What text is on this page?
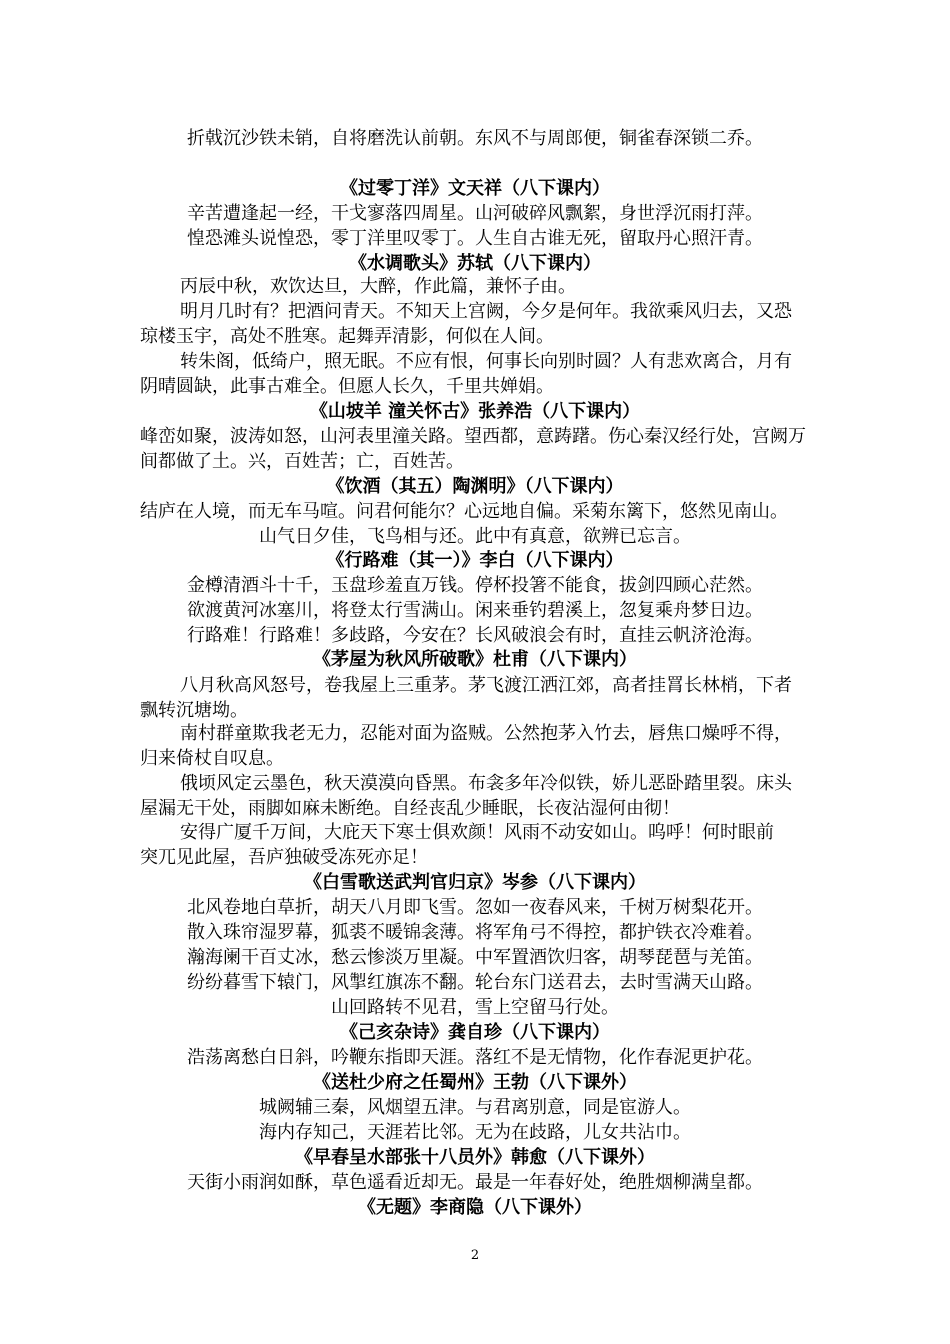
折戟沉沙铁未销，自将磨洗认前朝。东风不与周郎便，铜雀春深锁二乔。
《过零丁洋》文天祥（八下课内）
辛苦遭逢起一经，干戈寥落四周星。山河破碎风飘絮，身世浮沉雨打萍。
惶恐滩头说惶恐，零丁洋里叹零丁。人生自古谁无死，留取丹心照汗青。
《水调歌头》苏轼（八下课内）
丙辰中秋，欢饮达旦，大醉，作此篇，兼怀子由。
明月几时有？把酒问青天。不知天上宫阙，今夕是何年。我欲乘风归去，又恐
琼楼玉宇，高处不胜寒。起舞弄清影，何似在人间。
转朱阁，低绮户，照无眠。不应有恨，何事长向别时圆？人有悲欢离合，月有
阴晴圆缺，此事古难全。但愿人长久，千里共婵娟。
《山坡羊 潼关怀古》张养浩（八下课内）
峰峦如聚，波涛如怒，山河表里潼关路。望西都，意踌躇。伤心秦汉经行处，宫阙万
间都做了土。兴，百姓苦；亡，百姓苦。
《饮酒（其五）陶渊明》（八下课内）
结庐在人境，而无车马喧。问君何能尔？心远地自偏。采菊东篱下，悠然见南山。
山气日夕佳，飞鸟相与还。此中有真意，欲辨已忘言。
《行路难（其一）》李白（八下课内）
金樽清酒斗十千，玉盘珍羞直万钱。停杯投箸不能食，拔剑四顾心茫然。
欲渡黄河冰塞川，将登太行雪满山。闲来垂钓碧溪上，忽复乘舟梦日边。
行路难！行路难！多歧路，今安在？长风破浪会有时，直挂云帆济沧海。
《茅屋为秋风所破歌》杜甫（八下课内）
八月秋高风怒号，卷我屋上三重茅。茅飞渡江洒江郊，高者挂罥长林梢，下者
飘转沉塘坳。
南村群童欺我老无力，忍能对面为盗贼。公然抱茅入竹去，唇焦口燥呼不得，
归来倚杖自叹息。
俄顷风定云墨色，秋天漠漠向昏黑。布衾多年冷似铁，娇儿恶卧踏里裂。床头
屋漏无干处，雨脚如麻未断绝。自经丧乱少睡眠，长夜沾湿何由彻！
安得广厦千万间，大庇天下寒士俱欢颜！风雨不动安如山。呜呼！何时眼前
突兀见此屋，吾庐独破受冻死亦足！
《白雪歌送武判官归京》岑参（八下课内）
北风卷地白草折，胡天八月即飞雪。忽如一夜春风来，千树万树梨花开。
散入珠帘湿罗幕，狐裘不暖锦衾薄。将军角弓不得控，都护铁衣冷难着。
瀚海阑干百丈冰，愁云惨淡万里凝。中军置酒饮归客，胡琴琵琶与羌笛。
纷纷暮雪下辕门，风掣红旗冻不翻。轮台东门送君去，去时雪满天山路。
山回路转不见君，雪上空留马行处。
《己亥杂诗》龚自珍（八下课内）
浩荡离愁白日斜，吟鞭东指即天涯。落红不是无情物，化作春泥更护花。
《送杜少府之任蜀州》王勃（八下课外）
城阙辅三秦，风烟望五津。与君离别意，同是宦游人。
海内存知己，天涯若比邻。无为在歧路，儿女共沾巾。
《早春呈水部张十八员外》韩愈（八下课外）
天街小雨润如酥，草色遥看近却无。最是一年春好处，绝胜烟柳满皇都。
《无题》李商隐（八下课外）
2
